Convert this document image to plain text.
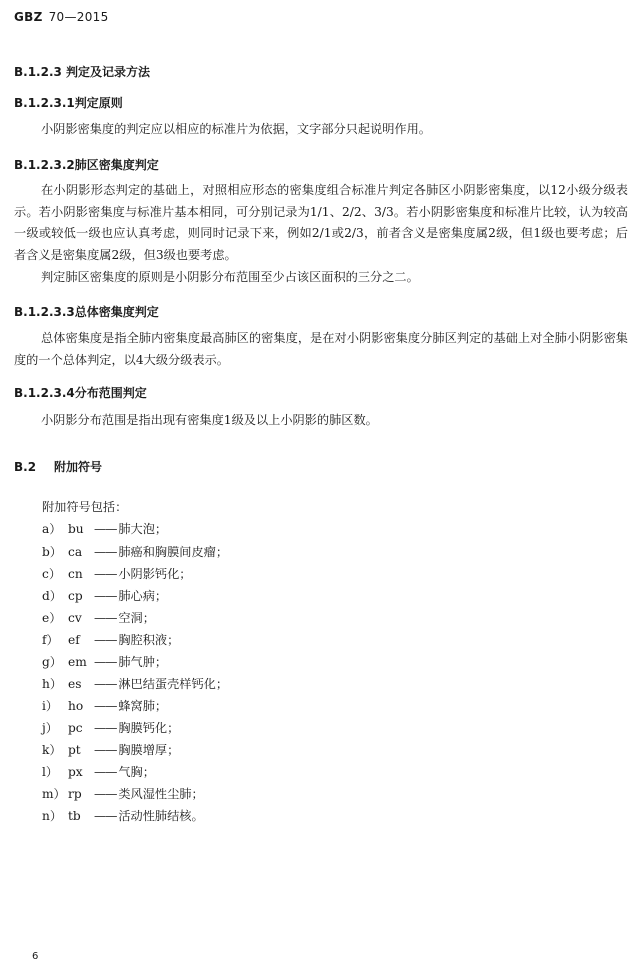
GBZ 70—2015
B.1.2.3 判定及记录方法
B.1.2.3.1判定原则
小阴影密集度的判定应以相应的标准片为依据，文字部分只起说明作用。
B.1.2.3.2肺区密集度判定
在小阴影形态判定的基础上，对照相应形态的密集度组合标准片判定各肺区小阴影密集度，以12小级分级表示。若小阴影密集度与标准片基本相同，可分别记录为1/1、2/2、3/3。若小阴影密集度和标准片比较，认为较高一级或较低一级也应认真考虑，则同时记录下来，例如2/1或2/3，前者含义是密集度属2级，但1级也要考虑；后者含义是密集度属2级，但3级也要考虑。
判定肺区密集度的原则是小阴影分布范围至少占该区面积的三分之二。
B.1.2.3.3总体密集度判定
总体密集度是指全肺内密集度最高肺区的密集度，是在对小阴影密集度分肺区判定的基础上对全肺小阴影密集度的一个总体判定，以4大级分级表示。
B.1.2.3.4分布范围判定
小阴影分布范围是指出现有密集度1级及以上小阴影的肺区数。
B.2 附加符号
附加符号包括：
a） bu —— 肺大泡；
b） ca —— 肺癌和胸膜间皮瘤；
c） cn —— 小阴影钙化；
d） cp —— 肺心病；
e） cv —— 空洞；
f） ef —— 胸腔积液；
g） em —— 肺气肿；
h） es —— 淋巴结蛋壳样钙化；
i） ho —— 蜂窝肺；
j） pc —— 胸膜钙化；
k） pt —— 胸膜增厚；
l） px —— 气胸；
m） rp —— 类风湿性尘肺；
n） tb —— 活动性肺结核。
6
